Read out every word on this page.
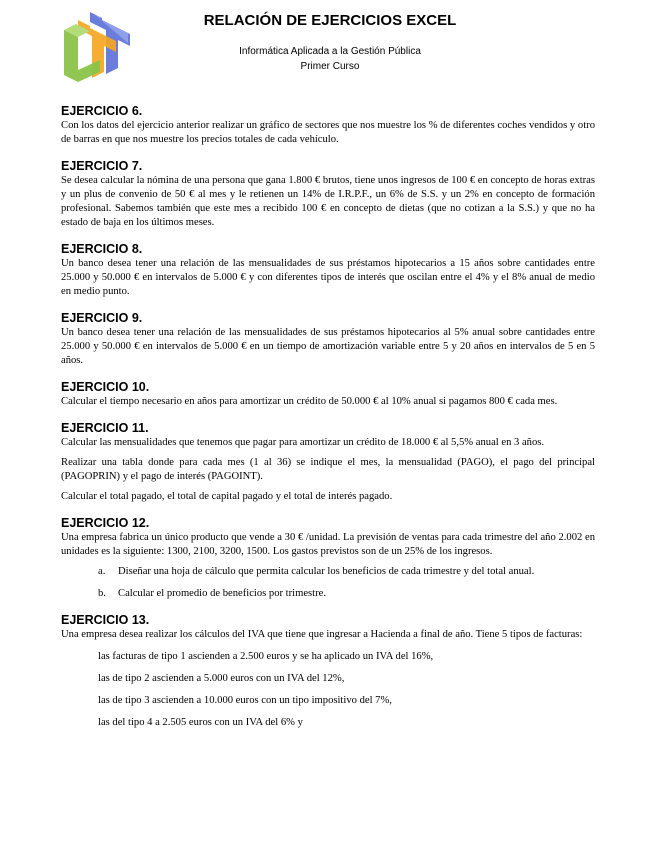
RELACIÓN DE EJERCICIOS EXCEL
Informática Aplicada a la Gestión Pública
Primer Curso
EJERCICIO 6.

Con los datos del ejercicio anterior realizar un gráfico de sectores que nos muestre los % de diferentes coches vendidos y otro de barras en que nos muestre los precios totales de cada vehículo.

EJERCICIO 7.

Se desea calcular la nómina de una persona que gana 1.800 € brutos, tiene unos ingresos de 100 € en concepto de horas extras y un plus de convenio de 50 € al mes y le retienen un 14% de I.R.P.F., un 6% de S.S. y un 2% en concepto de formación profesional. Sabemos también que este mes a recibido 100 € en concepto de dietas (que no cotizan a la S.S.) y que no ha estado de baja en los últimos meses.

EJERCICIO 8.

Un banco desea tener una relación de las mensualidades de sus préstamos hipotecarios a 15 años sobre cantidades entre 25.000 y 50.000 € en intervalos de 5.000 € y con diferentes tipos de interés que oscilan entre el 4% y el 8% anual de medio en medio punto.

EJERCICIO 9.

Un banco desea tener una relación de las mensualidades de sus préstamos hipotecarios al 5% anual sobre cantidades entre 25.000 y 50.000 € en intervalos de 5.000 € en un tiempo de amortización variable entre 5 y 20 años en intervalos de 5 en 5 años.

EJERCICIO 10.

Calcular el tiempo necesario en años para amortizar un crédito de 50.000 € al 10% anual si pagamos 800 € cada mes.

EJERCICIO 11.

Calcular las mensualidades que tenemos que pagar para amortizar un crédito de 18.000 € al 5,5% anual en 3 años.

Realizar una tabla donde para cada mes (1 al 36) se indique el mes, la mensualidad (PAGO), el pago del principal (PAGOPRIN) y el pago de interés (PAGOINT).

Calcular el total pagado, el total de capital pagado y el total de interés pagado.

EJERCICIO 12.

Una empresa fabrica un único producto que vende a 30 € /unidad. La previsión de ventas para cada trimestre del año 2.002 en unidades es la siguiente: 1300, 2100, 3200, 1500. Los gastos previstos son de un 25% de los ingresos.

a.	Diseñar una hoja de cálculo que permita calcular los beneficios de cada trimestre y del total anual.
b.	Calcular el promedio de beneficios por trimestre.
EJERCICIO 13.

Una empresa desea realizar los cálculos del IVA que tiene que ingresar a Hacienda a final de año. Tiene 5 tipos de facturas:

las facturas de tipo 1 ascienden a 2.500 euros y se ha aplicado un IVA del 16%,
las de tipo 2 ascienden a 5.000 euros con un IVA del 12%,
las de tipo 3 ascienden a 10.000 euros con un tipo impositivo del 7%,
las del tipo 4 a 2.505 euros con un IVA del 6% y
